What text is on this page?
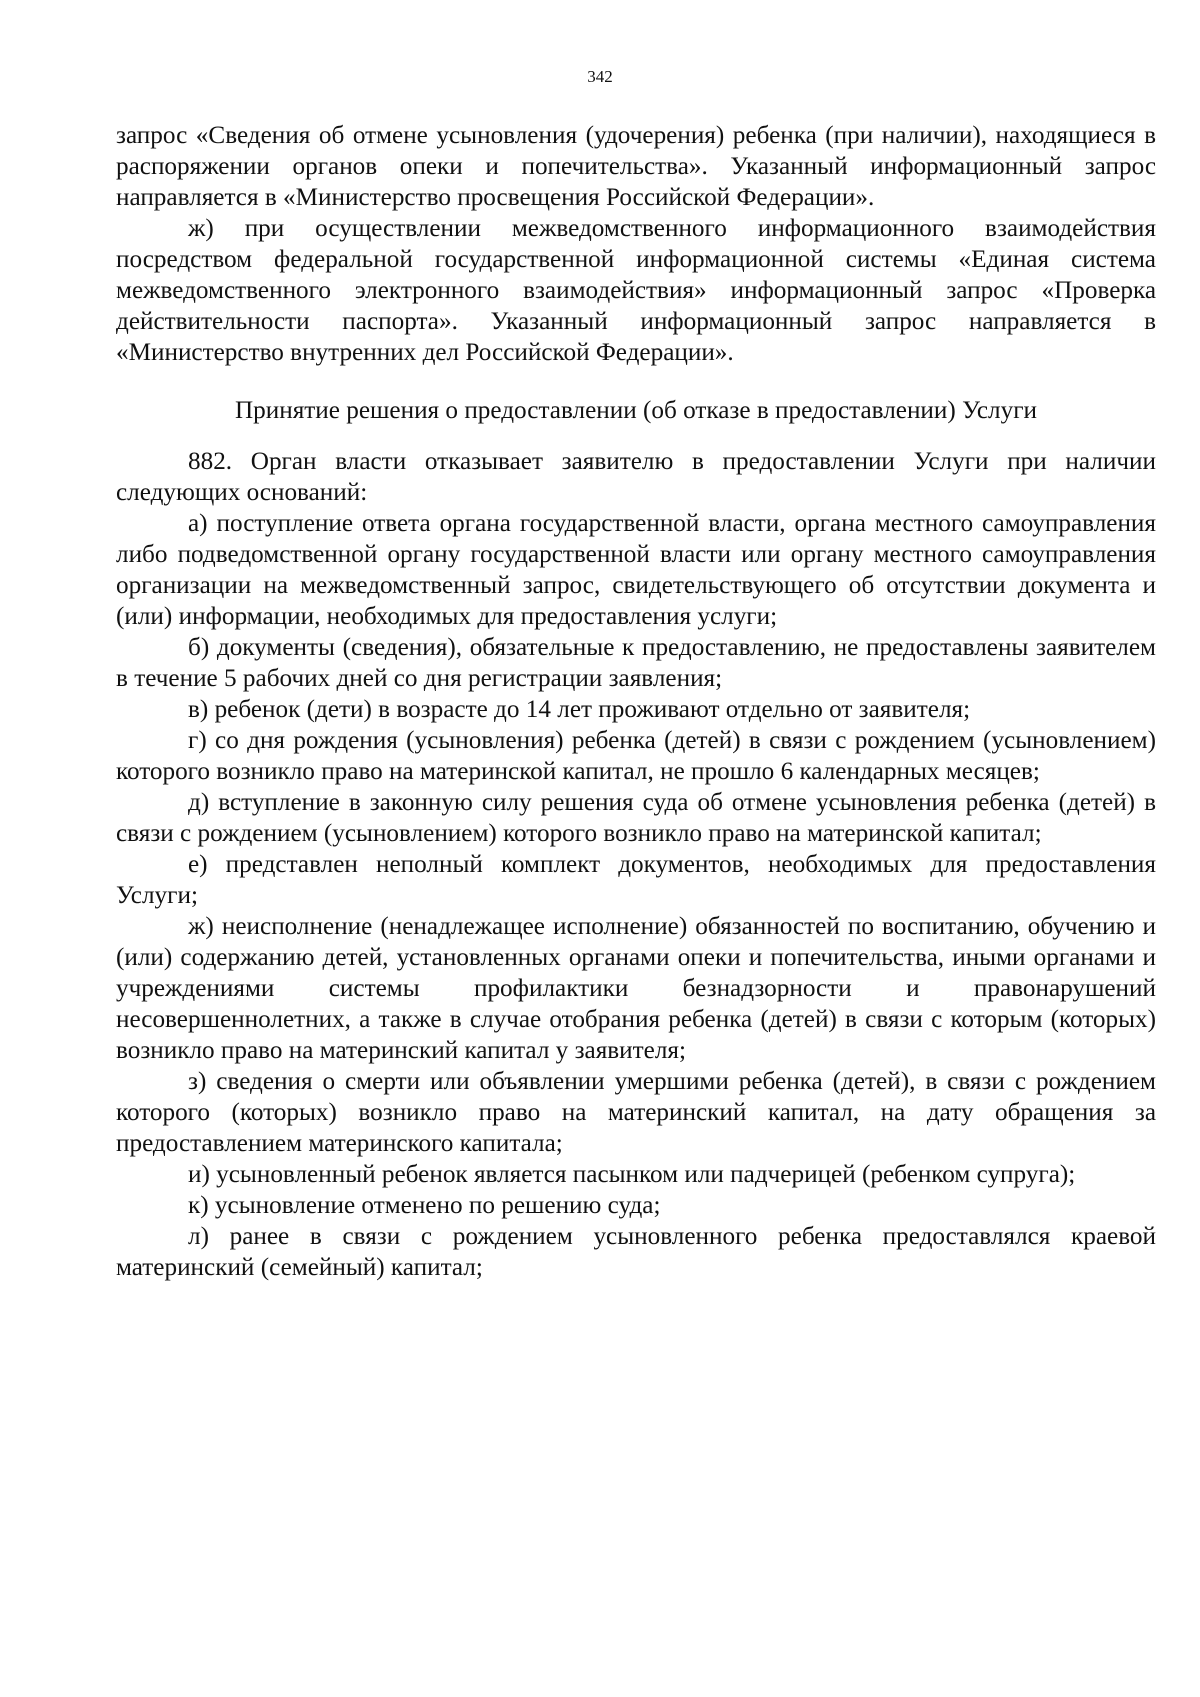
342

запрос «Сведения об отмене усыновления (удочерения) ребенка (при наличии), находящиеся в распоряжении органов опеки и попечительства». Указанный информационный запрос направляется в «Министерство просвещения Российской Федерации».

ж) при осуществлении межведомственного информационного взаимодействия посредством федеральной государственной информационной системы «Единая система межведомственного электронного взаимодействия» информационный запрос «Проверка действительности паспорта». Указанный информационный запрос направляется в «Министерство внутренних дел Российской Федерации».

Принятие решения о предоставлении (об отказе в предоставлении) Услуги

882. Орган власти отказывает заявителю в предоставлении Услуги при наличии следующих оснований:

а) поступление ответа органа государственной власти, органа местного самоуправления либо подведомственной органу государственной власти или органу местного самоуправления организации на межведомственный запрос, свидетельствующего об отсутствии документа и (или) информации, необходимых для предоставления услуги;

б) документы (сведения), обязательные к предоставлению, не предоставлены заявителем в течение 5 рабочих дней со дня регистрации заявления;

в) ребенок (дети) в возрасте до 14 лет проживают отдельно от заявителя;

г) со дня рождения (усыновления) ребенка (детей) в связи с рождением (усыновлением) которого возникло право на материнской капитал, не прошло 6 календарных месяцев;

д) вступление в законную силу решения суда об отмене усыновления ребенка (детей) в связи с рождением (усыновлением) которого возникло право на материнской капитал;

е) представлен неполный комплект документов, необходимых для предоставления Услуги;

ж) неисполнение (ненадлежащее исполнение) обязанностей по воспитанию, обучению и (или) содержанию детей, установленных органами опеки и попечительства, иными органами и учреждениями системы профилактики безнадзорности и правонарушений несовершеннолетних, а также в случае отобрания ребенка (детей) в связи с которым (которых) возникло право на материнский капитал у заявителя;

з) сведения о смерти или объявлении умершими ребенка (детей), в связи с рождением которого (которых) возникло право на материнский капитал, на дату обращения за предоставлением материнского капитала;

и) усыновленный ребенок является пасынком или падчерицей (ребенком супруга);

к) усыновление отменено по решению суда;

л) ранее в связи с рождением усыновленного ребенка предоставлялся краевой материнский (семейный) капитал;
